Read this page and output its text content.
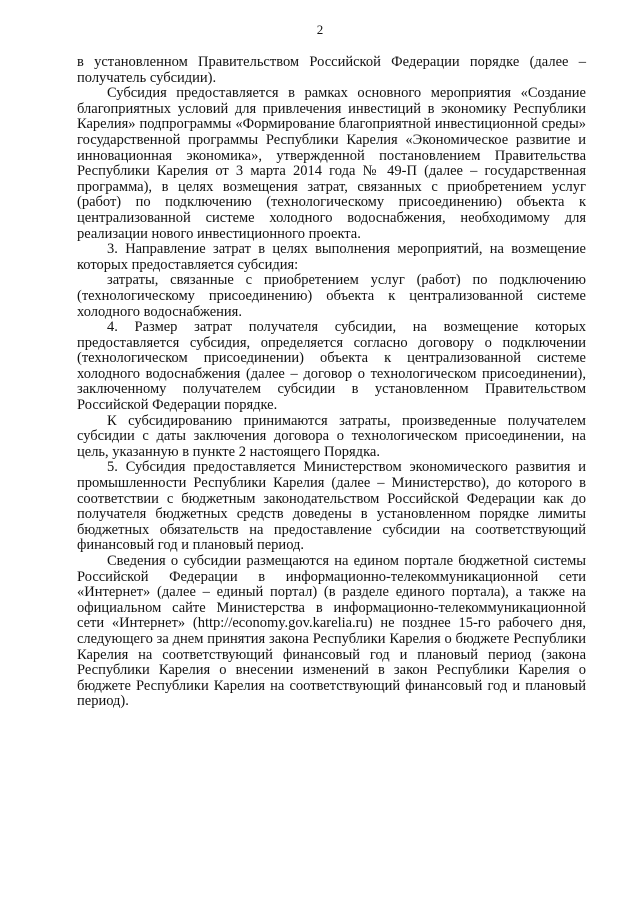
2

в установленном Правительством Российской Федерации порядке (далее – получатель субсидии).

Субсидия предоставляется в рамках основного мероприятия «Создание благоприятных условий для привлечения инвестиций в экономику Республики Карелия» подпрограммы «Формирование благоприятной инвестиционной среды» государственной программы Республики Карелия «Экономическое развитие и инновационная экономика», утвержденной постановлением Правительства Республики Карелия от 3 марта 2014 года № 49-П (далее – государственная программа), в целях возмещения затрат, связанных с приобретением услуг (работ) по подключению (технологическому присоединению) объекта к централизованной системе холодного водоснабжения, необходимому для реализации нового инвестиционного проекта.

3. Направление затрат в целях выполнения мероприятий, на возмещение которых предоставляется субсидия:

затраты, связанные с приобретением услуг (работ) по подключению (технологическому присоединению) объекта к централизованной системе холодного водоснабжения.

4. Размер затрат получателя субсидии, на возмещение которых предоставляется субсидия, определяется согласно договору о подключении (технологическом присоединении) объекта к централизованной системе холодного водоснабжения (далее – договор о технологическом присоединении), заключенному получателем субсидии в установленном Правительством Российской Федерации порядке.

К субсидированию принимаются затраты, произведенные получателем субсидии с даты заключения договора о технологическом присоединении, на цель, указанную в пункте 2 настоящего Порядка.

5. Субсидия предоставляется Министерством экономического развития и промышленности Республики Карелия (далее – Министерство), до которого в соответствии с бюджетным законодательством Российской Федерации как до получателя бюджетных средств доведены в установленном порядке лимиты бюджетных обязательств на предоставление субсидии на соответствующий финансовый год и плановый период.

Сведения о субсидии размещаются на едином портале бюджетной системы Российской Федерации в информационно-телекоммуникационной сети «Интернет» (далее – единый портал) (в разделе единого портала), а также на официальном сайте Министерства в информационно-телекоммуникационной сети «Интернет» (http://economy.gov.karelia.ru) не позднее 15-го рабочего дня, следующего за днем принятия закона Республики Карелия о бюджете Республики Карелия на соответствующий финансовый год и плановый период (закона Республики Карелия о внесении изменений в закон Республики Карелия о бюджете Республики Карелия на соответствующий финансовый год и плановый период).
